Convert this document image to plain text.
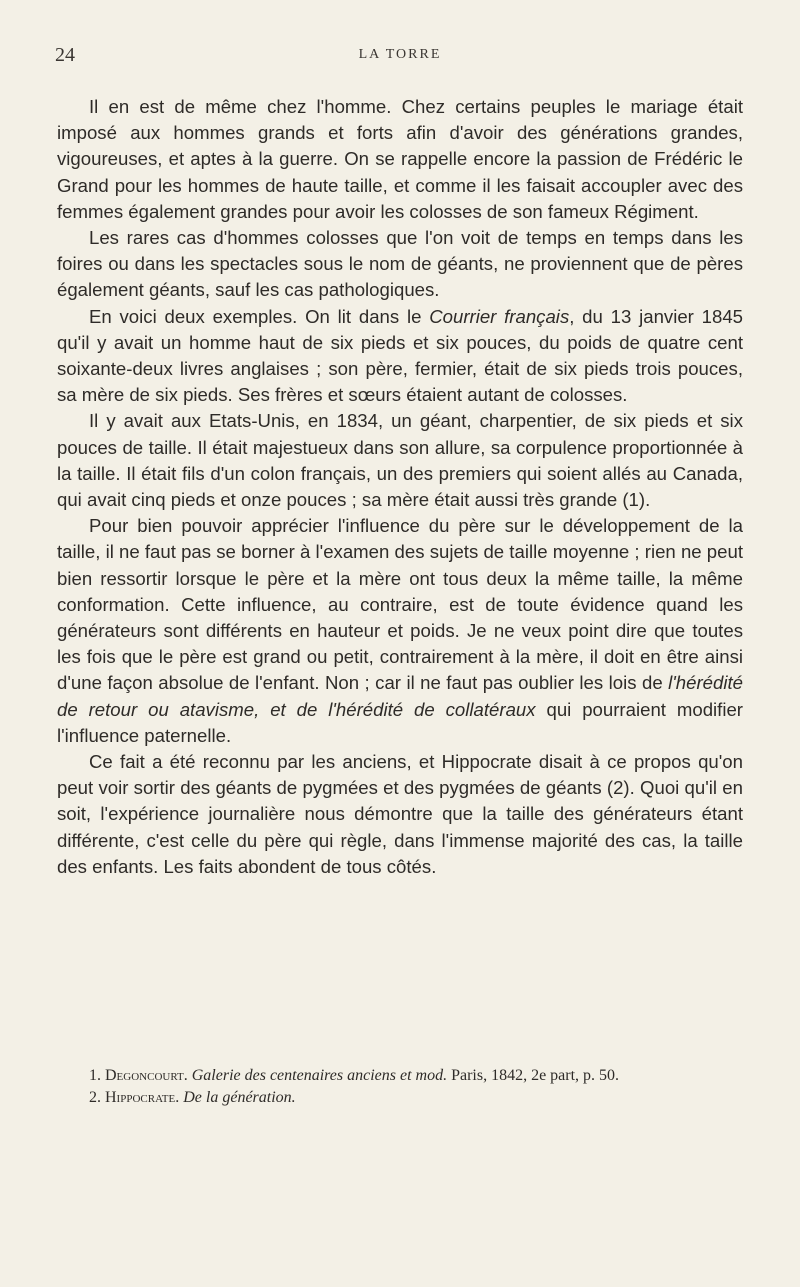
24	LA TORRE

Il en est de même chez l'homme. Chez certains peuples le mariage était imposé aux hommes grands et forts afin d'avoir des générations grandes, vigoureuses, et aptes à la guerre. On se rappelle encore la passion de Frédéric le Grand pour les hommes de haute taille, et comme il les faisait accoupler avec des femmes également grandes pour avoir les colosses de son fameux Régiment.

Les rares cas d'hommes colosses que l'on voit de temps en temps dans les foires ou dans les spectacles sous le nom de géants, ne proviennent que de pères également géants, sauf les cas pathologiques.

En voici deux exemples. On lit dans le Courrier français, du 13 janvier 1845 qu'il y avait un homme haut de six pieds et six pouces, du poids de quatre cent soixante-deux livres anglaises ; son père, fermier, était de six pieds trois pouces, sa mère de six pieds. Ses frères et sœurs étaient autant de colosses.

Il y avait aux Etats-Unis, en 1834, un géant, charpentier, de six pieds et six pouces de taille. Il était majestueux dans son allure, sa corpulence proportionnée à la taille. Il était fils d'un colon français, un des premiers qui soient allés au Canada, qui avait cinq pieds et onze pouces ; sa mère était aussi très grande (1).

Pour bien pouvoir apprécier l'influence du père sur le développement de la taille, il ne faut pas se borner à l'examen des sujets de taille moyenne ; rien ne peut bien ressortir lorsque le père et la mère ont tous deux la même taille, la même conformation. Cette influence, au contraire, est de toute évidence quand les générateurs sont différents en hauteur et poids. Je ne veux point dire que toutes les fois que le père est grand ou petit, contrairement à la mère, il doit en être ainsi d'une façon absolue de l'enfant. Non ; car il ne faut pas oublier les lois de l'hérédité de retour ou atavisme, et de l'hérédité de collatéraux qui pourraient modifier l'influence paternelle.

Ce fait a été reconnu par les anciens, et Hippocrate disait à ce propos qu'on peut voir sortir des géants de pygmées et des pygmées de géants (2). Quoi qu'il en soit, l'expérience journalière nous démontre que la taille des générateurs étant différente, c'est celle du père qui règle, dans l'immense majorité des cas, la taille des enfants. Les faits abondent de tous côtés.

1. Degoncourt. Galerie des centenaires anciens et mod. Paris, 1842, 2e part, p. 50.

2. Hippocrate. De la génération.
